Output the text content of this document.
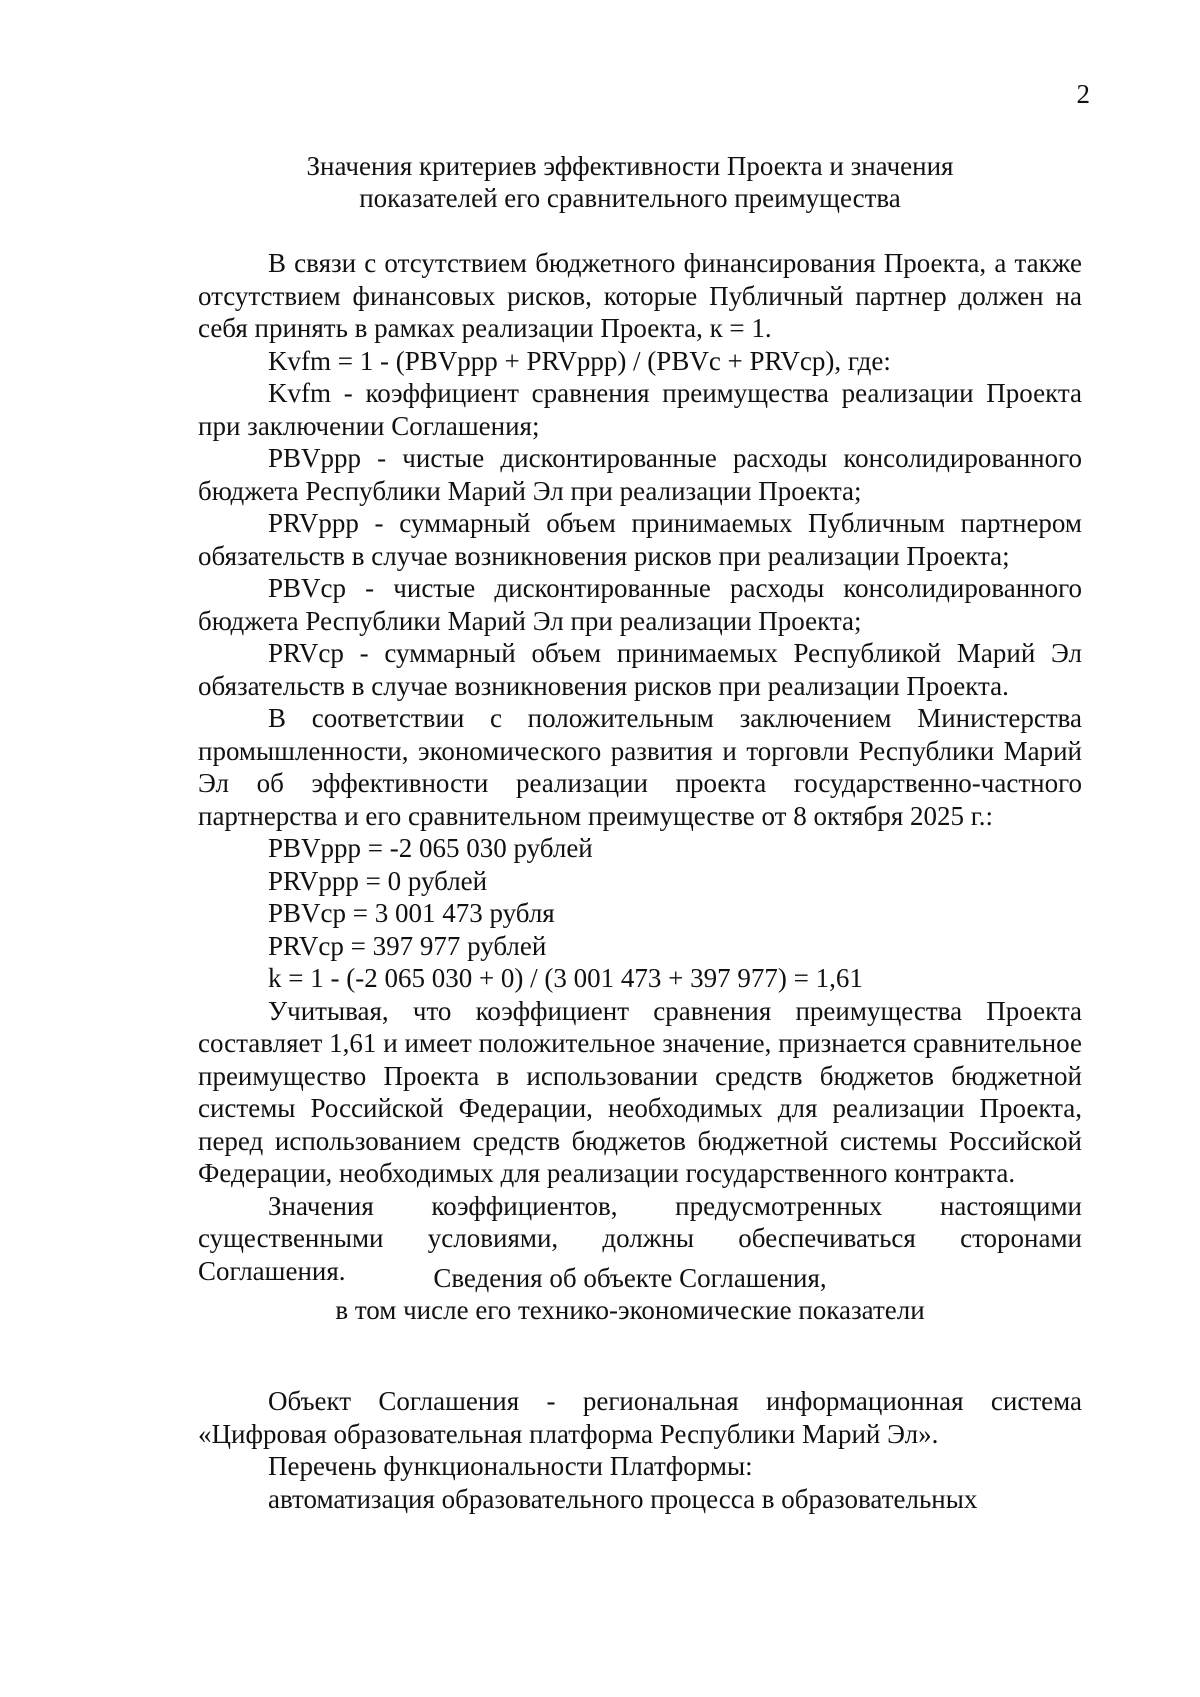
2
Значения критериев эффективности Проекта и значения
показателей его сравнительного преимущества

В связи с отсутствием бюджетного финансирования Проекта, а также отсутствием финансовых рисков, которые Публичный партнер должен на себя принять в рамках реализации Проекта, к = 1.

Kvfm = 1 - (PBVppp + PRVppp) / (PBVc + PRVcp), где:

Kvfm - коэффициент сравнения преимущества реализации Проекта при заключении Соглашения;

PBVppp - чистые дисконтированные расходы консолидированного бюджета Республики Марий Эл при реализации Проекта;

PRVppp - суммарный объем принимаемых Публичным партнером обязательств в случае возникновения рисков при реализации Проекта;

PBVcp - чистые дисконтированные расходы консолидированного бюджета Республики Марий Эл при реализации Проекта;

PRVcp - суммарный объем принимаемых Республикой Марий Эл обязательств в случае возникновения рисков при реализации Проекта.

В соответствии с положительным заключением Министерства промышленности, экономического развития и торговли Республики Марий Эл об эффективности реализации проекта государственно-частного партнерства и его сравнительном преимуществе от 8 октября 2025 г.:

PBVppp = -2 065 030 рублей

PRVppp = 0 рублей

PBVcp = 3 001 473 рубля

PRVcp = 397 977 рублей

k = 1 - (-2 065 030 + 0) / (3 001 473 + 397 977) = 1,61

Учитывая, что коэффициент сравнения преимущества Проекта составляет 1,61 и имеет положительное значение, признается сравнительное преимущество Проекта в использовании средств бюджетов бюджетной системы Российской Федерации, необходимых для реализации Проекта, перед использованием средств бюджетов бюджетной системы Российской Федерации, необходимых для реализации государственного контракта.

Значения коэффициентов, предусмотренных настоящими существенными условиями, должны обеспечиваться сторонами Соглашения.	Сведения об объекте Соглашения,
в том числе его технико-экономические показатели

Объект Соглашения - региональная информационная система «Цифровая образовательная платформа Республики Марий Эл».

Перечень функциональности Платформы:

автоматизация образовательного процесса в образовательных
